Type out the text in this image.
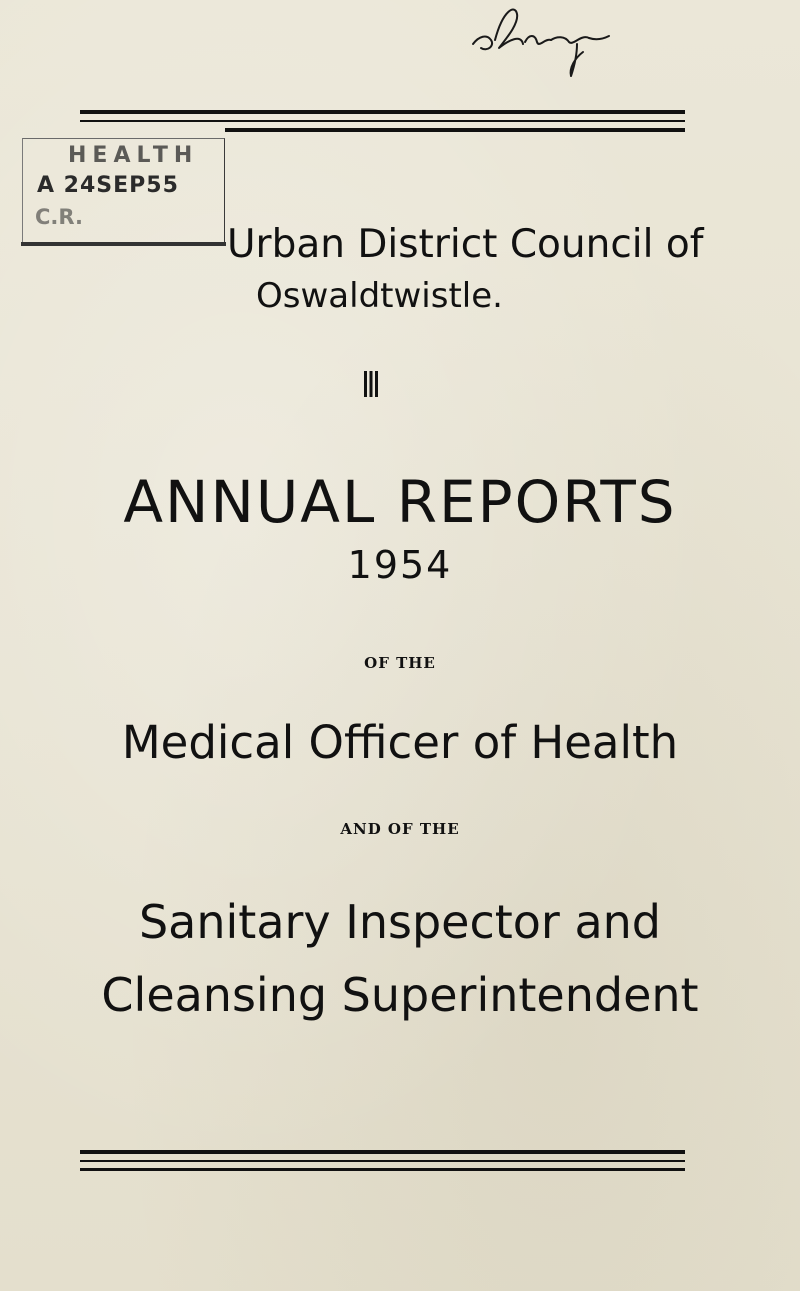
HEALTH
A 24SEP55
C.R.
Urban District Council of
Oswaldtwistle.
ANNUAL REPORTS
1954
OF THE
Medical Officer of Health
AND OF THE
Sanitary Inspector and
Cleansing Superintendent
